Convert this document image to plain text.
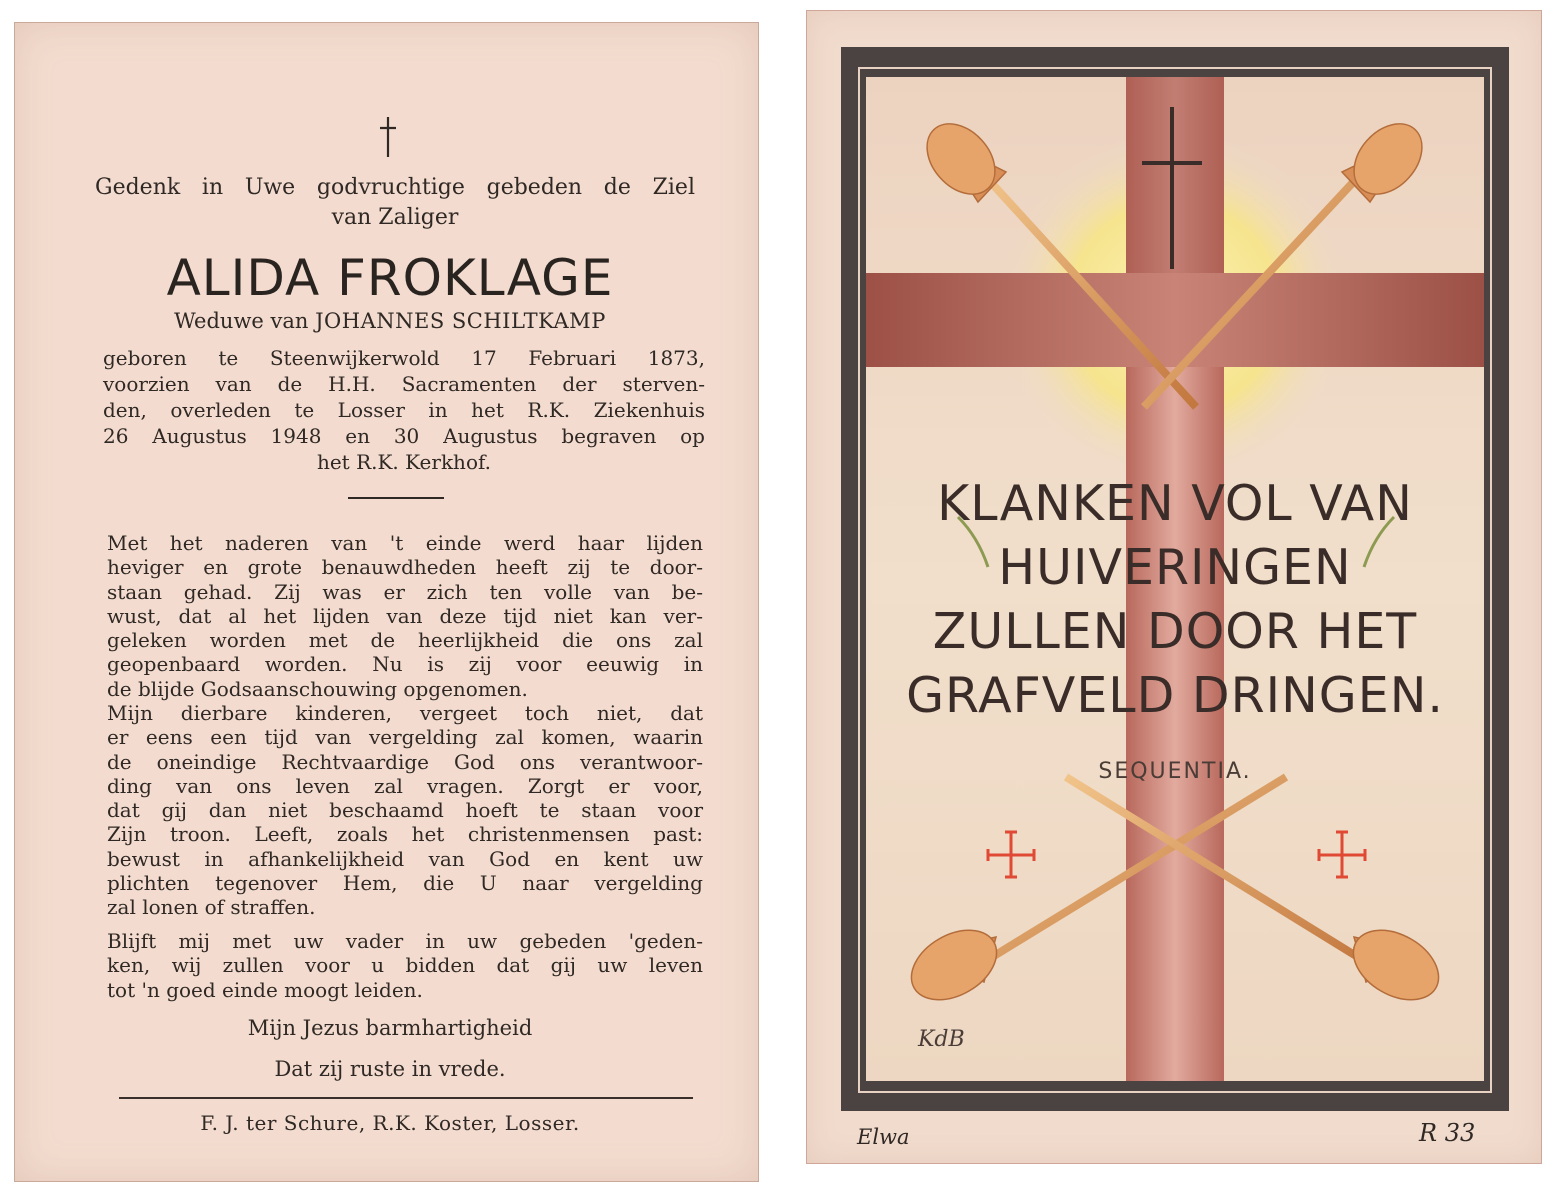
Gedenk in Uwe godvruchtige gebeden de Ziel
van Zaliger
ALIDA FROKLAGE
Weduwe van JOHANNES SCHILTKAMP
geboren te Steenwijkerwold 17 Februari 1873,
voorzien van de H.H. Sacramenten der sterven-
den, overleden te Losser in het R.K. Ziekenhuis
26 Augustus 1948 en 30 Augustus begraven op
het R.K. Kerkhof.
Met het naderen van 't einde werd haar lijden
heviger en grote benauwdheden heeft zij te door-
staan gehad. Zij was er zich ten volle van be-
wust, dat al het lijden van deze tijd niet kan ver-
geleken worden met de heerlijkheid die ons zal
geopenbaard worden. Nu is zij voor eeuwig in
de blijde Godsaanschouwing opgenomen.
Mijn dierbare kinderen, vergeet toch niet, dat
er eens een tijd van vergelding zal komen, waarin
de oneindige Rechtvaardige God ons verantwoor-
ding van ons leven zal vragen. Zorgt er voor,
dat gij dan niet beschaamd hoeft te staan voor
Zijn troon. Leeft, zoals het christenmensen past:
bewust in afhankelijkheid van God en kent uw
plichten tegenover Hem, die U naar vergelding
zal lonen of straffen.
Blijft mij met uw vader in uw gebeden 'geden-
ken, wij zullen voor u bidden dat gij uw leven
tot 'n goed einde moogt leiden.
Mijn Jezus barmhartigheid
Dat zij ruste in vrede.
F. J. ter Schure, R.K. Koster, Losser.
KLANKEN VOL VAN
HUIVERINGEN
ZULLEN DOOR HET
GRAFVELD DRINGEN.
SEQUENTIA.
KdB
Elwa	R 33
